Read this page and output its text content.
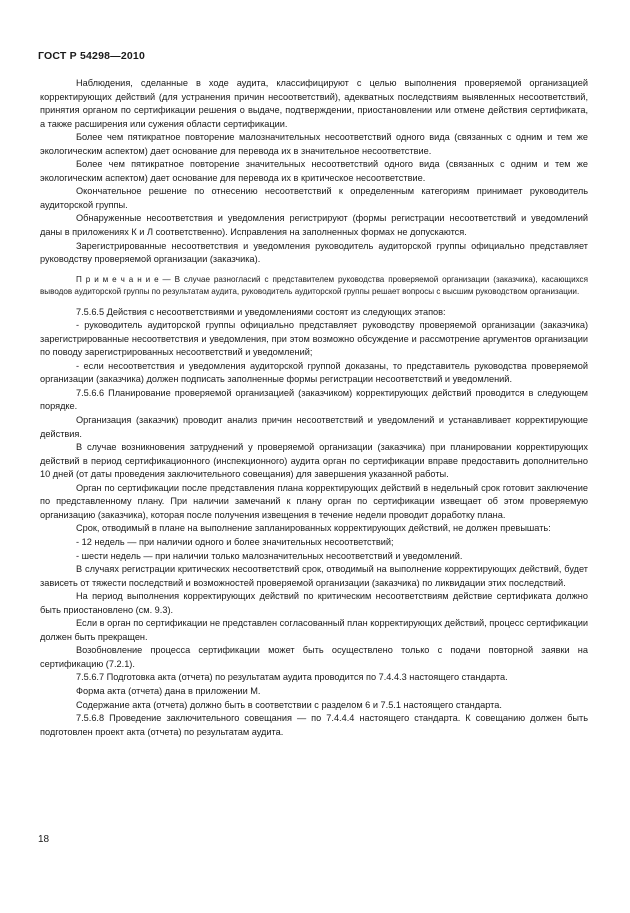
ГОСТ Р 54298—2010

Наблюдения, сделанные в ходе аудита, классифицируют с целью выполнения проверяемой организацией корректирующих действий (для устранения причин несоответствий), адекватных последствиям выявленных несоответствий, принятия органом по сертификации решения о выдаче, подтверждении, приостановлении или отмене действия сертификата, а также расширения или сужения области сертификации.

Более чем пятикратное повторение малозначительных несоответствий одного вида (связанных с одним и тем же экологическим аспектом) дает основание для перевода их в значительное несоответствие.

Более чем пятикратное повторение значительных несоответствий одного вида (связанных с одним и тем же экологическим аспектом) дает основание для перевода их в критическое несоответствие.

Окончательное решение по отнесению несоответствий к определенным категориям принимает руководитель аудиторской группы.

Обнаруженные несоответствия и уведомления регистрируют (формы регистрации несоответствий и уведомлений даны в приложениях К и Л соответственно). Исправления на заполненных формах не допускаются.

Зарегистрированные несоответствия и уведомления руководитель аудиторской группы официально представляет руководству проверяемой организации (заказчика).

П р и м е ч а н и е — В случае разногласий с представителем руководства проверяемой организации (заказчика), касающихся выводов аудиторской группы по результатам аудита, руководитель аудиторской группы решает вопросы с высшим руководством организации.

7.5.6.5 Действия с несоответствиями и уведомлениями состоят из следующих этапов:

- руководитель аудиторской группы официально представляет руководству проверяемой организации (заказчика) зарегистрированные несоответствия и уведомления, при этом возможно обсуждение и рассмотрение аргументов организации по поводу зарегистрированных несоответствий и уведомлений;

- если несоответствия и уведомления аудиторской группой доказаны, то представитель руководства проверяемой организации (заказчика) должен подписать заполненные формы регистрации несоответствий и уведомлений.

7.5.6.6 Планирование проверяемой организацией (заказчиком) корректирующих действий проводится в следующем порядке.

Организация (заказчик) проводит анализ причин несоответствий и уведомлений и устанавливает корректирующие действия.

В случае возникновения затруднений у проверяемой организации (заказчика) при планировании корректирующих действий в период сертификационного (инспекционного) аудита орган по сертификации вправе предоставить дополнительно 10 дней (от даты проведения заключительного совещания) для завершения указанной работы.

Орган по сертификации после представления плана корректирующих действий в недельный срок готовит заключение по представленному плану. При наличии замечаний к плану орган по сертификации извещает об этом проверяемую организацию (заказчика), которая после получения извещения в течение недели проводит доработку плана.

Срок, отводимый в плане на выполнение запланированных корректирующих действий, не должен превышать:

- 12 недель — при наличии одного и более значительных несоответствий;

- шести недель — при наличии только малозначительных несоответствий и уведомлений.

В случаях регистрации критических несоответствий срок, отводимый на выполнение корректирующих действий, будет зависеть от тяжести последствий и возможностей проверяемой организации (заказчика) по ликвидации этих последствий.

На период выполнения корректирующих действий по критическим несоответствиям действие сертификата должно быть приостановлено (см. 9.3).

Если в орган по сертификации не представлен согласованный план корректирующих действий, процесс сертификации должен быть прекращен.

Возобновление процесса сертификации может быть осуществлено только с подачи повторной заявки на сертификацию (7.2.1).

7.5.6.7 Подготовка акта (отчета) по результатам аудита проводится по 7.4.4.3 настоящего стандарта.

Форма акта (отчета) дана в приложении М.

Содержание акта (отчета) должно быть в соответствии с разделом 6 и 7.5.1 настоящего стандарта.

7.5.6.8 Проведение заключительного совещания — по 7.4.4.4 настоящего стандарта. К совещанию должен быть подготовлен проект акта (отчета) по результатам аудита.

18
